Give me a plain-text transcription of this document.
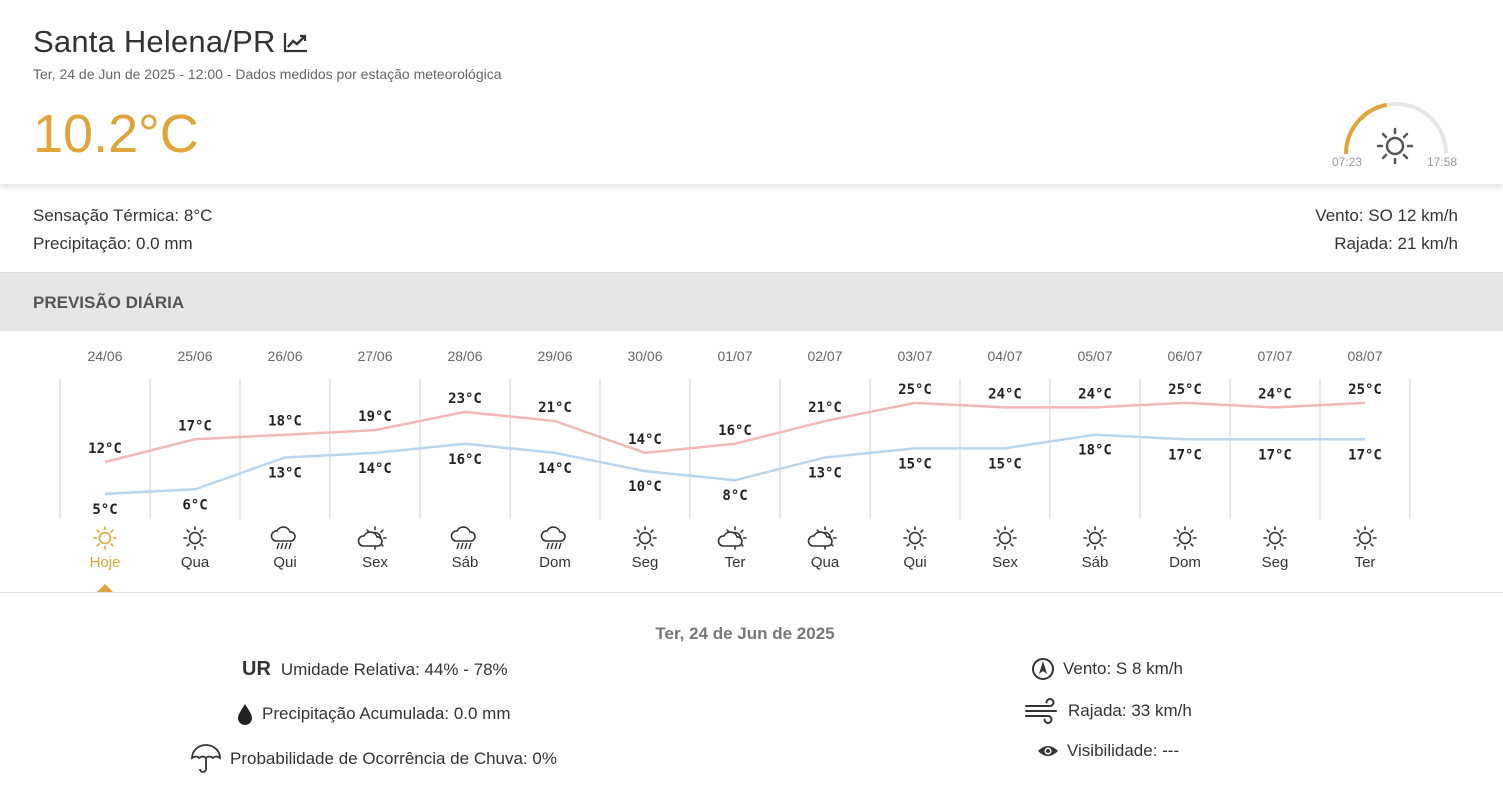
Santa Helena/PR
Ter, 24 de Jun de 2025 - 12:00 - Dados medidos por estação meteorológica
10.2°C	07:23	17:58
Sensação Térmica: 8°C
Precipitação: 0.0 mm
Vento: SO 12 km/h
Rajada: 21 km/h
PREVISÃO DIÁRIA
24/06
12°C
5°C
Hoje
25/06
17°C
6°C
Qua
26/06
18°C
13°C
Qui
27/06
19°C
14°C
Sex
28/06
23°C
16°C
Sáb
29/06
21°C
14°C
Dom
30/06
14°C
10°C
Seg
01/07
16°C
8°C
Ter
02/07
21°C
13°C
Qua
03/07
25°C
15°C
Qui
04/07
24°C
15°C
Sex
05/07
24°C
18°C
Sáb
06/07
25°C
17°C
Dom
07/07
24°C
17°C
Seg
08/07
25°C
17°C
Ter
Ter, 24 de Jun de 2025
UR Umidade Relativa: 44% - 78%
Precipitação Acumulada: 0.0 mm
Probabilidade de Ocorrência de Chuva: 0%
Vento: S 8 km/h
Rajada: 33 km/h
Visibilidade: ---
